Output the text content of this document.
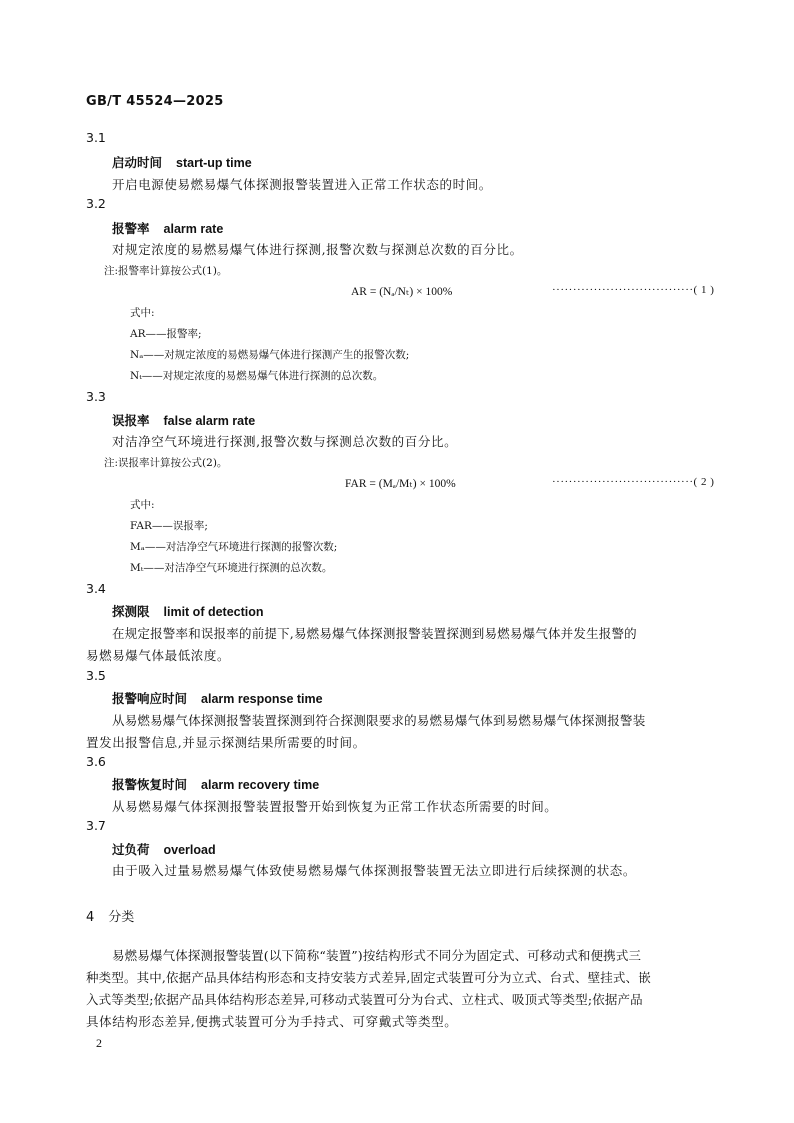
GB/T 45524—2025
3.1
启动时间 start-up time
开启电源使易燃易爆气体探测报警装置进入正常工作状态的时间。
3.2
报警率 alarm rate
对规定浓度的易燃易爆气体进行探测,报警次数与探测总次数的百分比。
注:报警率计算按公式(1)。
AR = (Nₐ/Nₜ) × 100%	··································( 1 )
式中:
AR——报警率;
Nₐ——对规定浓度的易燃易爆气体进行探测产生的报警次数;
Nₜ——对规定浓度的易燃易爆气体进行探测的总次数。
3.3
误报率 false alarm rate
对洁净空气环境进行探测,报警次数与探测总次数的百分比。
注:误报率计算按公式(2)。
FAR = (Mₐ/Mₜ) × 100%	··································( 2 )
式中:
FAR——误报率;
Mₐ——对洁净空气环境进行探测的报警次数;
Mₜ——对洁净空气环境进行探测的总次数。
3.4
探测限 limit of detection
在规定报警率和误报率的前提下,易燃易爆气体探测报警装置探测到易燃易爆气体并发生报警的
易燃易爆气体最低浓度。
3.5
报警响应时间 alarm response time
从易燃易爆气体探测报警装置探测到符合探测限要求的易燃易爆气体到易燃易爆气体探测报警装
置发出报警信息,并显示探测结果所需要的时间。
3.6
报警恢复时间 alarm recovery time
从易燃易爆气体探测报警装置报警开始到恢复为正常工作状态所需要的时间。
3.7
过负荷 overload
由于吸入过量易燃易爆气体致使易燃易爆气体探测报警装置无法立即进行后续探测的状态。
4 分类
易燃易爆气体探测报警装置(以下简称“装置”)按结构形式不同分为固定式、可移动式和便携式三
种类型。其中,依据产品具体结构形态和支持安装方式差异,固定式装置可分为立式、台式、壁挂式、嵌
入式等类型;依据产品具体结构形态差异,可移动式装置可分为台式、立柱式、吸顶式等类型;依据产品
具体结构形态差异,便携式装置可分为手持式、可穿戴式等类型。
2
